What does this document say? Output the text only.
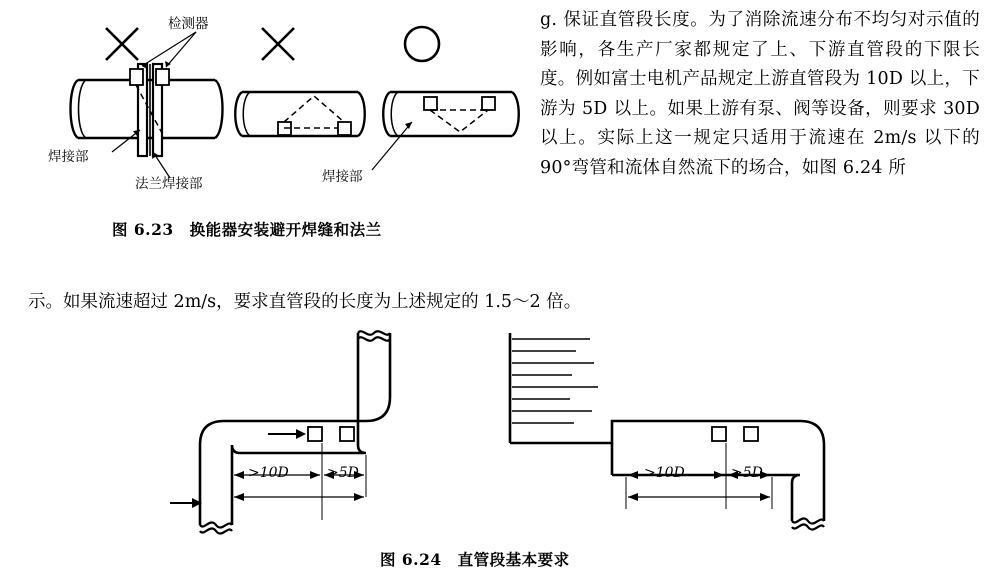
检测器
焊接部
法兰焊接部	焊接部
图 6.23　换能器安装避开焊缝和法兰
g. 保证直管段长度。为了消除流速分布不均匀对示值的影响，各生产厂家都规定了上、下游直管段的下限长度。例如富士电机产品规定上游直管段为 10D 以上，下游为 5D 以上。如果上游有泵、阀等设备，则要求 30D 以上。实际上这一规定只适用于流速在 2m/s 以下的 90°弯管和流体自然流下的场合，如图 6.24 所
示。如果流速超过 2m/s，要求直管段的长度为上述规定的 1.5～2 倍。
>10D	>5D	>10D	>5D
图 6.24　直管段基本要求
